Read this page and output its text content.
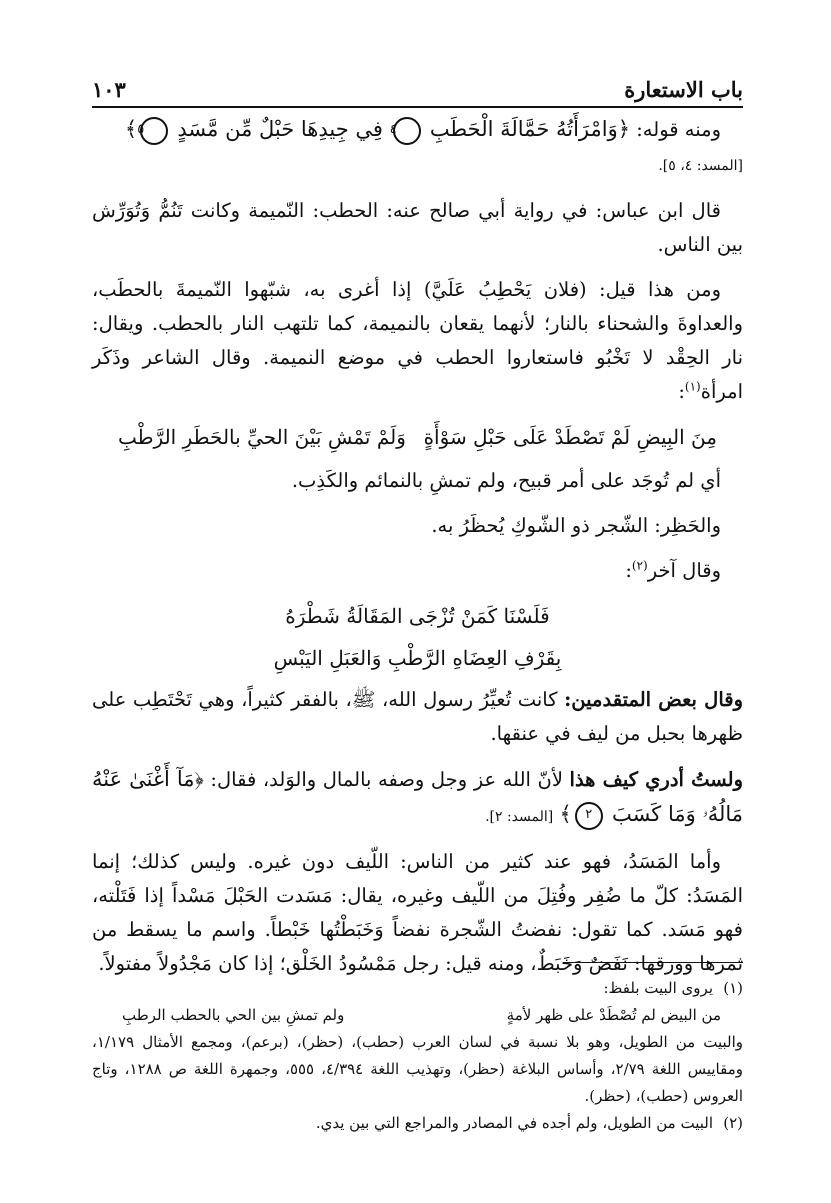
باب الاستعارة
١٠٣

ومنه قوله: ﴿وَامْرَأَتُهُ حَمَّالَةَ الْحَطَبِ ٤ فِي جِيدِهَا حَبْلٌ مِّن مَّسَدٍ ٥﴾
[المسد: ٤، ٥].

قال ابن عباس: في رواية أبي صالح عنه: الحطب: النّميمة وكانت تَنُمُّ وَتُوَرِّش بين الناس.

ومن هذا قيل: (فلان يَحْطِبُ عَلَيَّ) إذا أغرى به، شبّهوا النّميمةَ بالحطَب، والعداوةَ والشحناء بالنار؛ لأنهما يقعان بالنميمة، كما تلتهب النار بالحطب. ويقال: نار الحِقْد لا تَخْبُو فاستعاروا الحطب في موضع النميمة. وقال الشاعر وذَكَر امرأة$^{(١)}$:

مِنَ البِيضِ لَمْ تَصْطَدْ عَلَى حَبْلِ سَوْأَةٍ
وَلَمْ تَمْشِ بَيْنَ الحيِّ بالحَطَرِ الرَّطْبِ

أي لم تُوجَد على أمر قبيح، ولم تمشِ بالنمائم والكَذِب.

والحَظِر: الشّجر ذو الشّوكِ يُحظَرُ به.

وقال آخر$^{(٢)}$:

فَلَسْنَا كَمَنْ تُزْجَى المَقَالَةُ شَطْرَهُ
بِقَرْفِ العِضَاهِ الرَّطْبِ وَالعَبَلِ اليَبْسِ

وقال بعض المتقدمين: كانت تُعيِّرُ رسول الله، ﷺ، بالفقر كثيراً، وهي تَحْتَطِب على ظهرها بحبل من ليف في عنقها.

ولستُ أدري كيف هذا لأنّ الله عز وجل وصفه بالمال والوَلد، فقال: ﴿مَآ أَغْنَىٰ عَنْهُ مَالُهُۥ وَمَا كَسَبَ ٢﴾ [المسد: ٢].

وأما المَسَدُ، فهو عند كثير من الناس: اللّيف دون غيره. وليس كذلك؛ إنما المَسَدُ: كلّ ما ضُفِر وفُتِلَ من اللّيف وغيره، يقال: مَسَدت الحَبْلَ مَسْداً إذا فَتَلْته، فهو مَسَد. كما تقول: نفضتُ الشّجرة نفضاً وَخَبَطْتُها خَبْطاً. واسم ما يسقط من ثمرها وورقها: نَفَضٌ وَخَبَطٌ، ومنه قيل: رجل مَمْسُودُ الخَلْق؛ إذا كان مَجْدُولاً مفتولاً.

(١)يروى البيت بلفظ:

من البيض لم تُصْطَدْ على ظهر لأمةٍ
ولم تمشِ بين الحي بالحطب الرطبِ

والبيت من الطويل، وهو بلا نسبة في لسان العرب (حطب)، (حظر)، (برعم)، ومجمع الأمثال ١/١٧٩، ومقاييس اللغة ٢/٧٩، وأساس البلاغة (حظر)، وتهذيب اللغة ٤/٣٩٤، ٥٥٥، وجمهرة اللغة ص ١٢٨٨، وتاج العروس (حطب)، (حظر).

(٢)البيت من الطويل، ولم أجده في المصادر والمراجع التي بين يدي.
